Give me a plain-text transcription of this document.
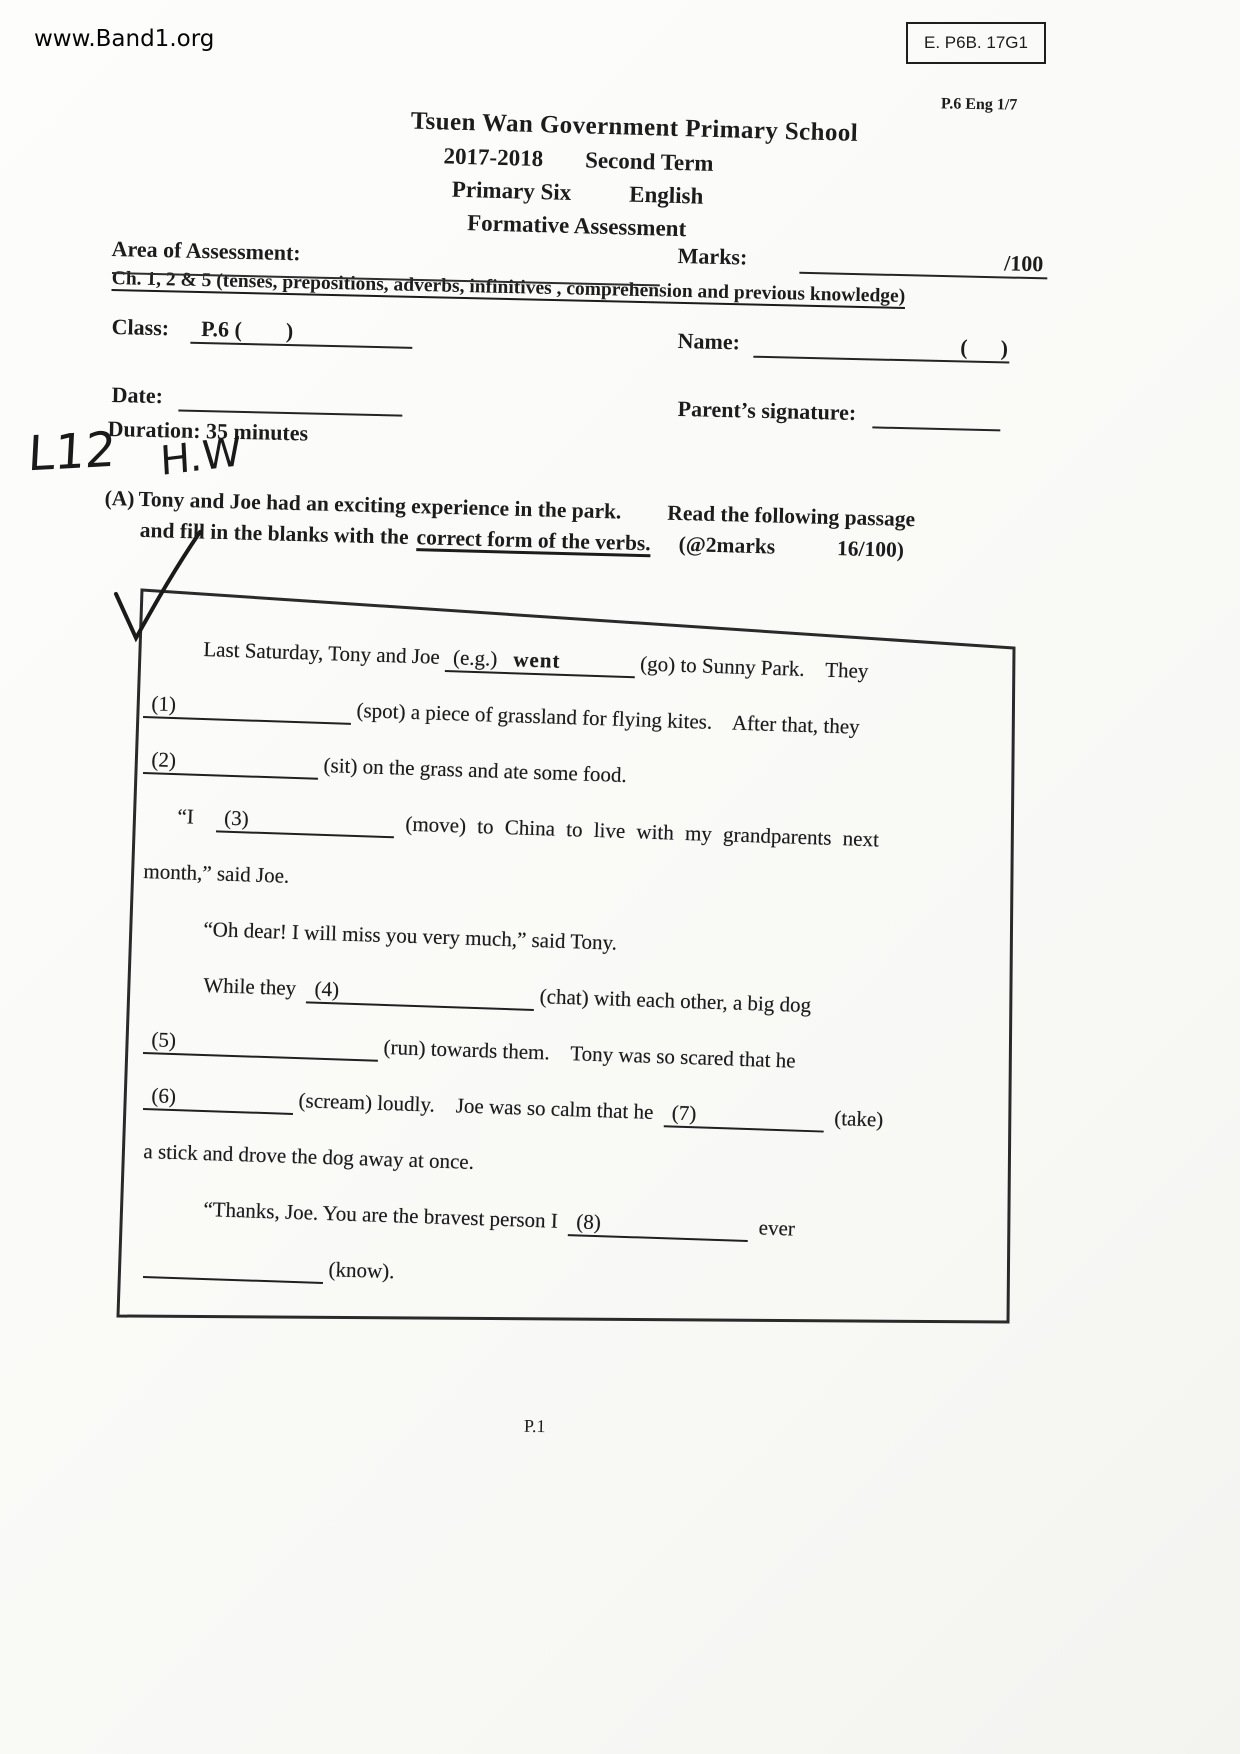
www.Band1.org	E. P6B. 17G1
P.6 Eng 1/7
Tsuen Wan Government Primary School
2017-2018 Second Term
Primary Six English
Formative Assessment
Area of Assessment:	Marks:	/100
Ch. 1, 2 & 5 (tenses, prepositions, adverbs, infinitives , comprehension and previous knowledge)
Class: P.6 (        )	Name:	(      )
Date:
Parent’s signature:
Duration: 35 minutes
L12 H.W
(A) Tony and Joe had an exciting experience in the park. Read the following passage
and fill in the blanks with the correct form of the verbs. (@2marks	16/100)
Last Saturday, Tony and Joe (e.g.) went	(go) to Sunny Park.    They
(1)	(spot) a piece of grassland for flying kites.    After that, they
(2)	(sit) on the grass and ate some food.
“I  (3)	(move) to China to live with my grandparents next
month,” said Joe.
“Oh dear! I will miss you very much,” said Tony.
While they  (4)	(chat) with each other, a big dog
(5)	(run) towards them.    Tony was so scared that he
(6)	(scream) loudly.    Joe was so calm that he  (7)	(take)
a stick and drove the dog away at once.
“Thanks, Joe. You are the bravest person I  (8)	ever
(know).
P.1
